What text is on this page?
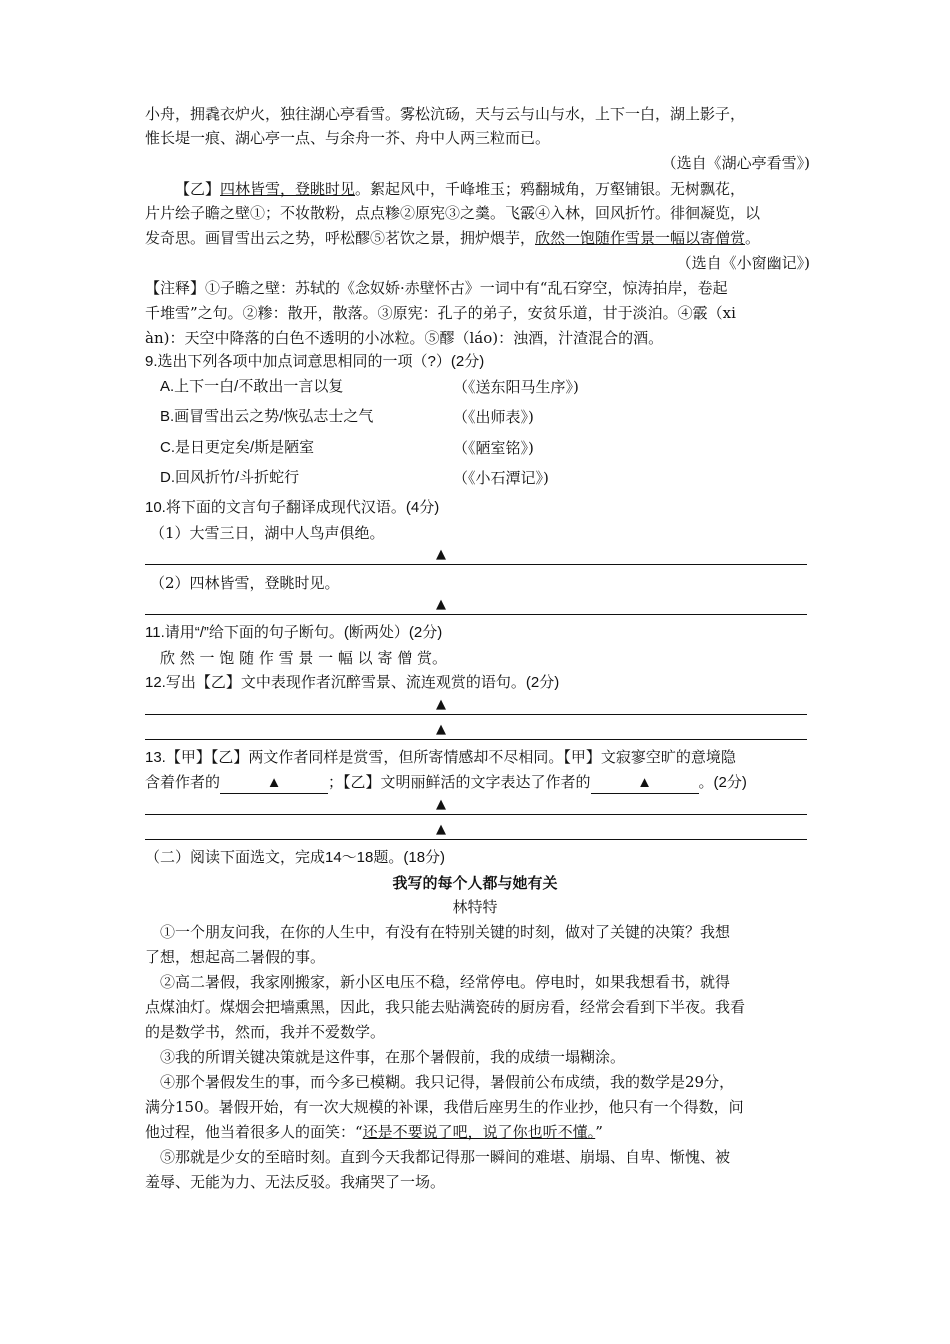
小舟，拥毳衣炉火，独往湖心亭看雪。雾松沆砀，天与云与山与水，上下一白，湖上影子，
惟长堤一痕、湖心亭一点、与余舟一芥、舟中人两三粒而已。
（选自《湖心亭看雪》)
【乙】四林皆雪，登眺时见。絮起风中，千峰堆玉；鸦翻城角，万壑铺银。无树飘花，
片片绘子瞻之壁①；不妆散粉，点点糁②原宪③之羹。飞霰④入林，回风折竹。徘徊凝览，以
发奇思。画冒雪出云之势，呼松醪⑤茗饮之景，拥炉煨芋，欣然一饱随作雪景一幅以寄僧赏。
（选自《小窗幽记》)
【注释】①子瞻之壁：苏轼的《念奴娇·赤壁怀古》一词中有“乱石穿空，惊涛拍岸，卷起
千堆雪”之句。②糁：散开，散落。③原宪：孔子的弟子，安贫乐道，甘于淡泊。④霰（xi
àn)：天空中降落的白色不透明的小冰粒。⑤醪（láo)：浊酒，汁渣混合的酒。
9.选出下列各项中加点词意思相同的一项（?）(2分)
A.上下一白/不敢出一言以复	（《送东阳马生序》)
B.画冒雪出云之势/恢弘志士之气	（《出师表》)
C.是日更定矣/斯是陋室	（《陋室铭》)
D.回风折竹/斗折蛇行	（《小石潭记》)
10.将下面的文言句子翻译成现代汉语。(4分)
（1）大雪三日，湖中人鸟声俱绝。
▲
（2）四林皆雪，登眺时见。
▲
11.请用“/”给下面的句子断句。(断两处）(2分)
欣 然 一 饱 随 作 雪 景 一 幅 以 寄 僧 赏。
12.写出【乙】文中表现作者沉醉雪景、流连观赏的语句。(2分)
▲
▲
13.【甲】【乙】两文作者同样是赏雪，但所寄情感却不尽相同。【甲】文寂寥空旷的意境隐
含着作者的	▲	；【乙】文明丽鲜活的文字表达了作者的	▲	。(2分)
▲
▲
（二）阅读下面选文，完成14～18题。(18分)
我写的每个人都与她有关
林特特
①一个朋友问我，在你的人生中，有没有在特别关键的时刻，做对了关键的决策？我想
了想，想起高二暑假的事。
②高二暑假，我家刚搬家，新小区电压不稳，经常停电。停电时，如果我想看书，就得
点煤油灯。煤烟会把墙熏黑，因此，我只能去贴满瓷砖的厨房看，经常会看到下半夜。我看
的是数学书，然而，我并不爱数学。
③我的所谓关键决策就是这件事，在那个暑假前，我的成绩一塌糊涂。
④那个暑假发生的事，而今多已模糊。我只记得，暑假前公布成绩，我的数学是29分，
满分150。暑假开始，有一次大规模的补课，我借后座男生的作业抄，他只有一个得数，问
他过程，他当着很多人的面笑：“还是不要说了吧，说了你也听不懂。”
⑤那就是少女的至暗时刻。直到今天我都记得那一瞬间的难堪、崩塌、自卑、惭愧、被
羞辱、无能为力、无法反驳。我痛哭了一场。
